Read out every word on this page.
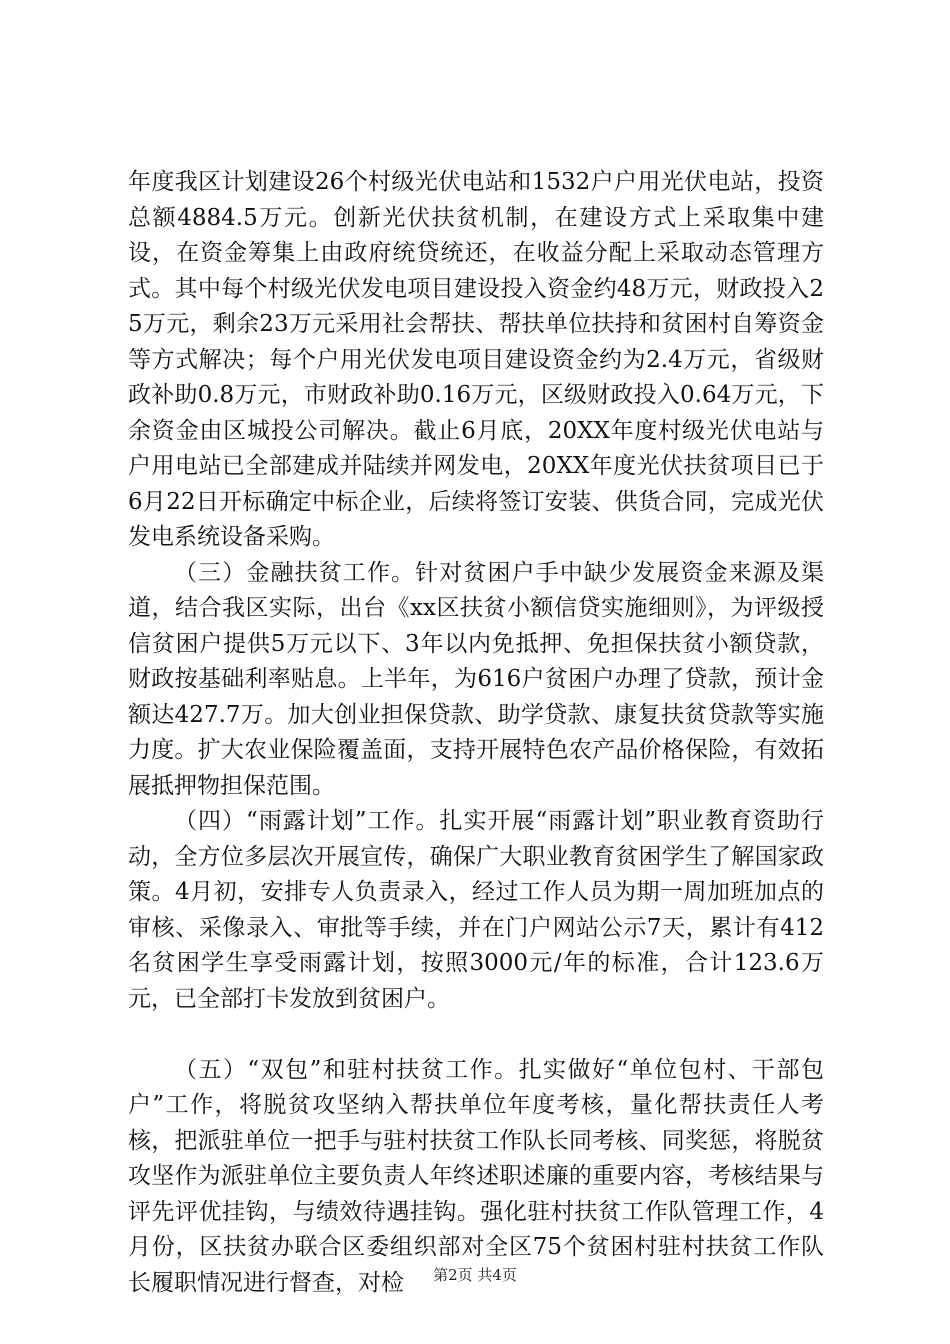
年度我区计划建设26个村级光伏电站和1532户户用光伏电站，投资总额4884.5万元。创新光伏扶贫机制，在建设方式上采取集中建设，在资金筹集上由政府统贷统还，在收益分配上采取动态管理方式。其中每个村级光伏发电项目建设投入资金约48万元，财政投入25万元，剩余23万元采用社会帮扶、帮扶单位扶持和贫困村自筹资金等方式解决；每个户用光伏发电项目建设资金约为2.4万元，省级财政补助0.8万元，市财政补助0.16万元，区级财政投入0.64万元，下余资金由区城投公司解决。截止6月底，20XX年度村级光伏电站与户用电站已全部建成并陆续并网发电，20XX年度光伏扶贫项目已于6月22日开标确定中标企业，后续将签订安装、供货合同，完成光伏发电系统设备采购。

（三）金融扶贫工作。针对贫困户手中缺少发展资金来源及渠道，结合我区实际，出台《xx区扶贫小额信贷实施细则》，为评级授信贫困户提供5万元以下、3年以内免抵押、免担保扶贫小额贷款，财政按基础利率贴息。上半年，为616户贫困户办理了贷款，预计金额达427.7万。加大创业担保贷款、助学贷款、康复扶贫贷款等实施力度。扩大农业保险覆盖面，支持开展特色农产品价格保险，有效拓展抵押物担保范围。

（四）“雨露计划”工作。扎实开展“雨露计划”职业教育资助行动，全方位多层次开展宣传，确保广大职业教育贫困学生了解国家政策。4月初，安排专人负责录入，经过工作人员为期一周加班加点的审核、采像录入、审批等手续，并在门户网站公示7天，累计有412名贫困学生享受雨露计划，按照3000元/年的标准，合计123.6万元，已全部打卡发放到贫困户。

（五）“双包”和驻村扶贫工作。扎实做好“单位包村、干部包户”工作，将脱贫攻坚纳入帮扶单位年度考核，量化帮扶责任人考核，把派驻单位一把手与驻村扶贫工作队长同考核、同奖惩，将脱贫攻坚作为派驻单位主要负责人年终述职述廉的重要内容，考核结果与评先评优挂钩，与绩效待遇挂钩。强化驻村扶贫工作队管理工作，4月份，区扶贫办联合区委组织部对全区75个贫困村驻村扶贫工作队长履职情况进行督查，对检	第2页 共4页
